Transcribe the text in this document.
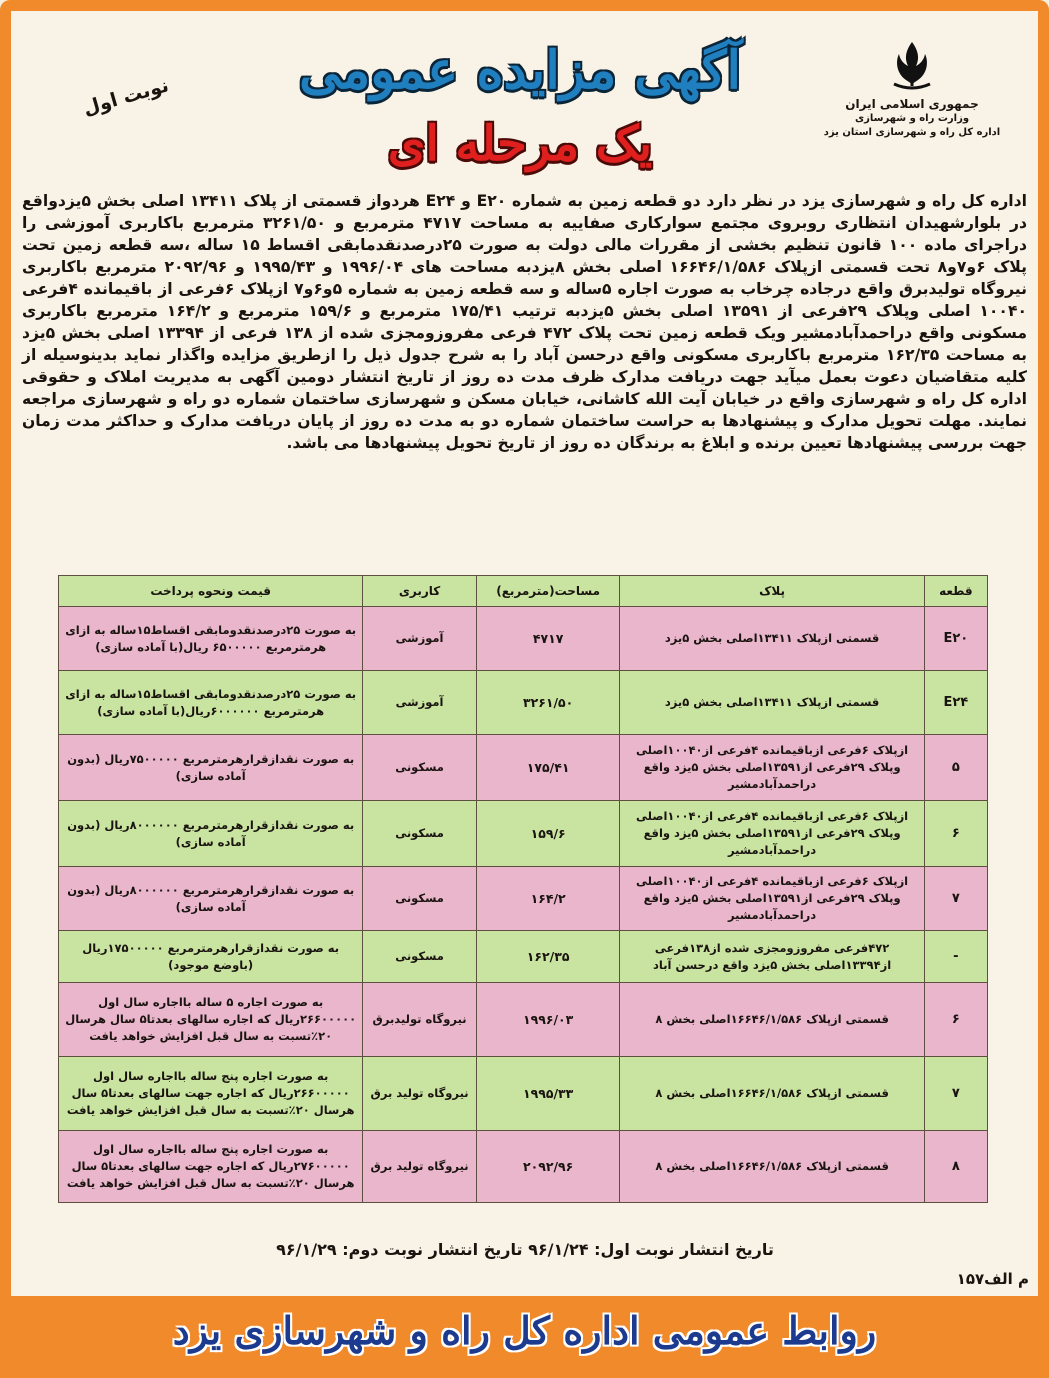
جمهوری اسلامی ایران
وزارت راه و شهرسازی
اداره کل راه و شهرسازی استان یزد
آگهی مزایده عمومی
یک مرحله ای
نوبت اول
اداره کل راه و شهرسازی یزد در نظر دارد دو قطعه زمین به شماره E۲۰ و E۲۴ هردواز قسمتی از پلاک ۱۳۴۱۱ اصلی بخش ۵یزدواقع در بلوارشهیدان انتظاری روبروی مجتمع سوارکاری صفاییه به مساحت ۴۷۱۷ مترمربع و ۳۲۶۱/۵۰ مترمربع باکاربری آموزشی را دراجرای ماده ۱۰۰ قانون تنظیم بخشی از مقررات مالی دولت به صورت ۲۵درصدنقدمابقی اقساط ۱۵ ساله ،سه قطعه زمین تحت پلاک ۶و۷و۸ تحت قسمتی ازپلاک ۱۶۶۴۶/۱/۵۸۶ اصلی بخش ۸یزدبه مساحت های ۱۹۹۶/۰۴ و ۱۹۹۵/۴۳ و ۲۰۹۲/۹۶ مترمربع باکاربری نیروگاه تولیدبرق واقع درجاده چرخاب به صورت اجاره ۵ساله و سه قطعه زمین به شماره ۵و۶و۷ ازپلاک ۶فرعی از باقیمانده ۴فرعی ۱۰۰۴۰ اصلی وپلاک ۲۹فرعی از ۱۳۵۹۱ اصلی بخش ۵یزدبه ترتیب ۱۷۵/۴۱ مترمربع و ۱۵۹/۶ مترمربع و ۱۶۴/۲ مترمربع باکاربری مسکونی واقع دراحمدآبادمشیر ویک قطعه زمین تحت پلاک ۴۷۲ فرعی مفروزومجزی شده از ۱۳۸ فرعی از ۱۳۳۹۴ اصلی بخش ۵یزد به مساحت ۱۶۲/۳۵ مترمربع باکاربری مسکونی واقع درحسن آباد را به شرح جدول ذیل را ازطریق مزایده واگذار نماید بدینوسیله از کلیه متقاضیان دعوت بعمل میآید جهت دریافت مدارک ظرف مدت ده روز از تاریخ انتشار دومین آگهی به مدیریت املاک و حقوقی اداره کل راه و شهرسازی واقع در خیابان آیت الله کاشانی، خیابان مسکن و شهرسازی ساختمان شماره دو راه و شهرسازی مراجعه نمایند. مهلت تحویل مدارک و پیشنهادها به حراست ساختمان شماره دو به مدت ده روز از پایان دریافت مدارک و حداکثر مدت زمان جهت بررسی پیشنهادها تعیین برنده و ابلاغ به برندگان ده روز از تاریخ تحویل پیشنهادها می باشد.
قطعه	پلاک	مساحت(مترمربع)	کاربری	قیمت ونحوه پرداخت
E۲۰	قسمتی ازپلاک ۱۳۴۱۱اصلی بخش ۵یزد	۴۷۱۷	آموزشی	به صورت ۲۵درصدنقدومابقی اقساط۱۵ساله به ازای هرمترمربع ۶۵۰۰۰۰۰ ریال(با آماده سازی)
E۲۴	قسمتی ازپلاک ۱۳۴۱۱اصلی بخش ۵یزد	۳۲۶۱/۵۰	آموزشی	به صورت ۲۵درصدنقدومابقی اقساط۱۵ساله به ازای هرمترمربع ۶۰۰۰۰۰۰ریال(با آماده سازی)
۵	ازپلاک ۶فرعی ازباقیمانده ۴فرعی از۱۰۰۴۰اصلی وپلاک ۲۹فرعی از۱۳۵۹۱اصلی بخش ۵یزد واقع دراحمدآبادمشیر	۱۷۵/۴۱	مسکونی	به صورت نقدازقرارهرمترمربع ۷۵۰۰۰۰۰ریال (بدون آماده سازی)
۶	ازپلاک ۶فرعی ازباقیمانده ۴فرعی از۱۰۰۴۰اصلی وپلاک ۲۹فرعی از۱۳۵۹۱اصلی بخش ۵یزد واقع دراحمدآبادمشیر	۱۵۹/۶	مسکونی	به صورت نقدازقرارهرمترمربع ۸۰۰۰۰۰۰ریال (بدون آماده سازی)
۷	ازپلاک ۶فرعی ازباقیمانده ۴فرعی از۱۰۰۴۰اصلی وپلاک ۲۹فرعی از۱۳۵۹۱اصلی بخش ۵یزد واقع دراحمدآبادمشیر	۱۶۴/۲	مسکونی	به صورت نقدازقرارهرمترمربع ۸۰۰۰۰۰۰ریال (بدون آماده سازی)
-	۴۷۲فرعی مفروزومجزی شده از۱۳۸فرعی از۱۳۳۹۴اصلی بخش ۵یزد واقع درحسن آباد	۱۶۲/۳۵	مسکونی	به صورت نقدازقرارهرمترمربع ۱۷۵۰۰۰۰۰ریال (باوضع موجود)
۶	قسمتی ازپلاک ۱۶۶۴۶/۱/۵۸۶اصلی بخش ۸	۱۹۹۶/۰۳	نیروگاه تولیدبرق	به صورت اجاره ۵ ساله بااجاره سال اول ۲۶۶۰۰۰۰۰ریال که اجاره سالهای بعدتا۵ سال هرسال ۲۰٪تسبت به سال قبل افزایش خواهد یافت
۷	قسمتی ازپلاک ۱۶۶۴۶/۱/۵۸۶اصلی بخش ۸	۱۹۹۵/۳۳	نیروگاه تولید برق	به صورت اجاره پنج ساله بااجاره سال اول ۲۶۶۰۰۰۰۰ریال که اجاره جهت سالهای بعدتا۵ سال هرسال ۲۰٪تسبت به سال قبل افزایش خواهد یافت
۸	قسمتی ازپلاک ۱۶۶۴۶/۱/۵۸۶اصلی بخش ۸	۲۰۹۲/۹۶	نیروگاه تولید برق	به صورت اجاره پنج ساله بااجاره سال اول ۲۷۶۰۰۰۰۰ریال که اجاره جهت سالهای بعدتا۵ سال هرسال ۲۰٪تسبت به سال قبل افزایش خواهد یافت
تاریخ انتشار نوبت اول: ۹۶/۱/۲۴ تاریخ انتشار نوبت دوم: ۹۶/۱/۲۹
م الف۱۵۷
روابط عمومی اداره کل راه و شهرسازی یزد
